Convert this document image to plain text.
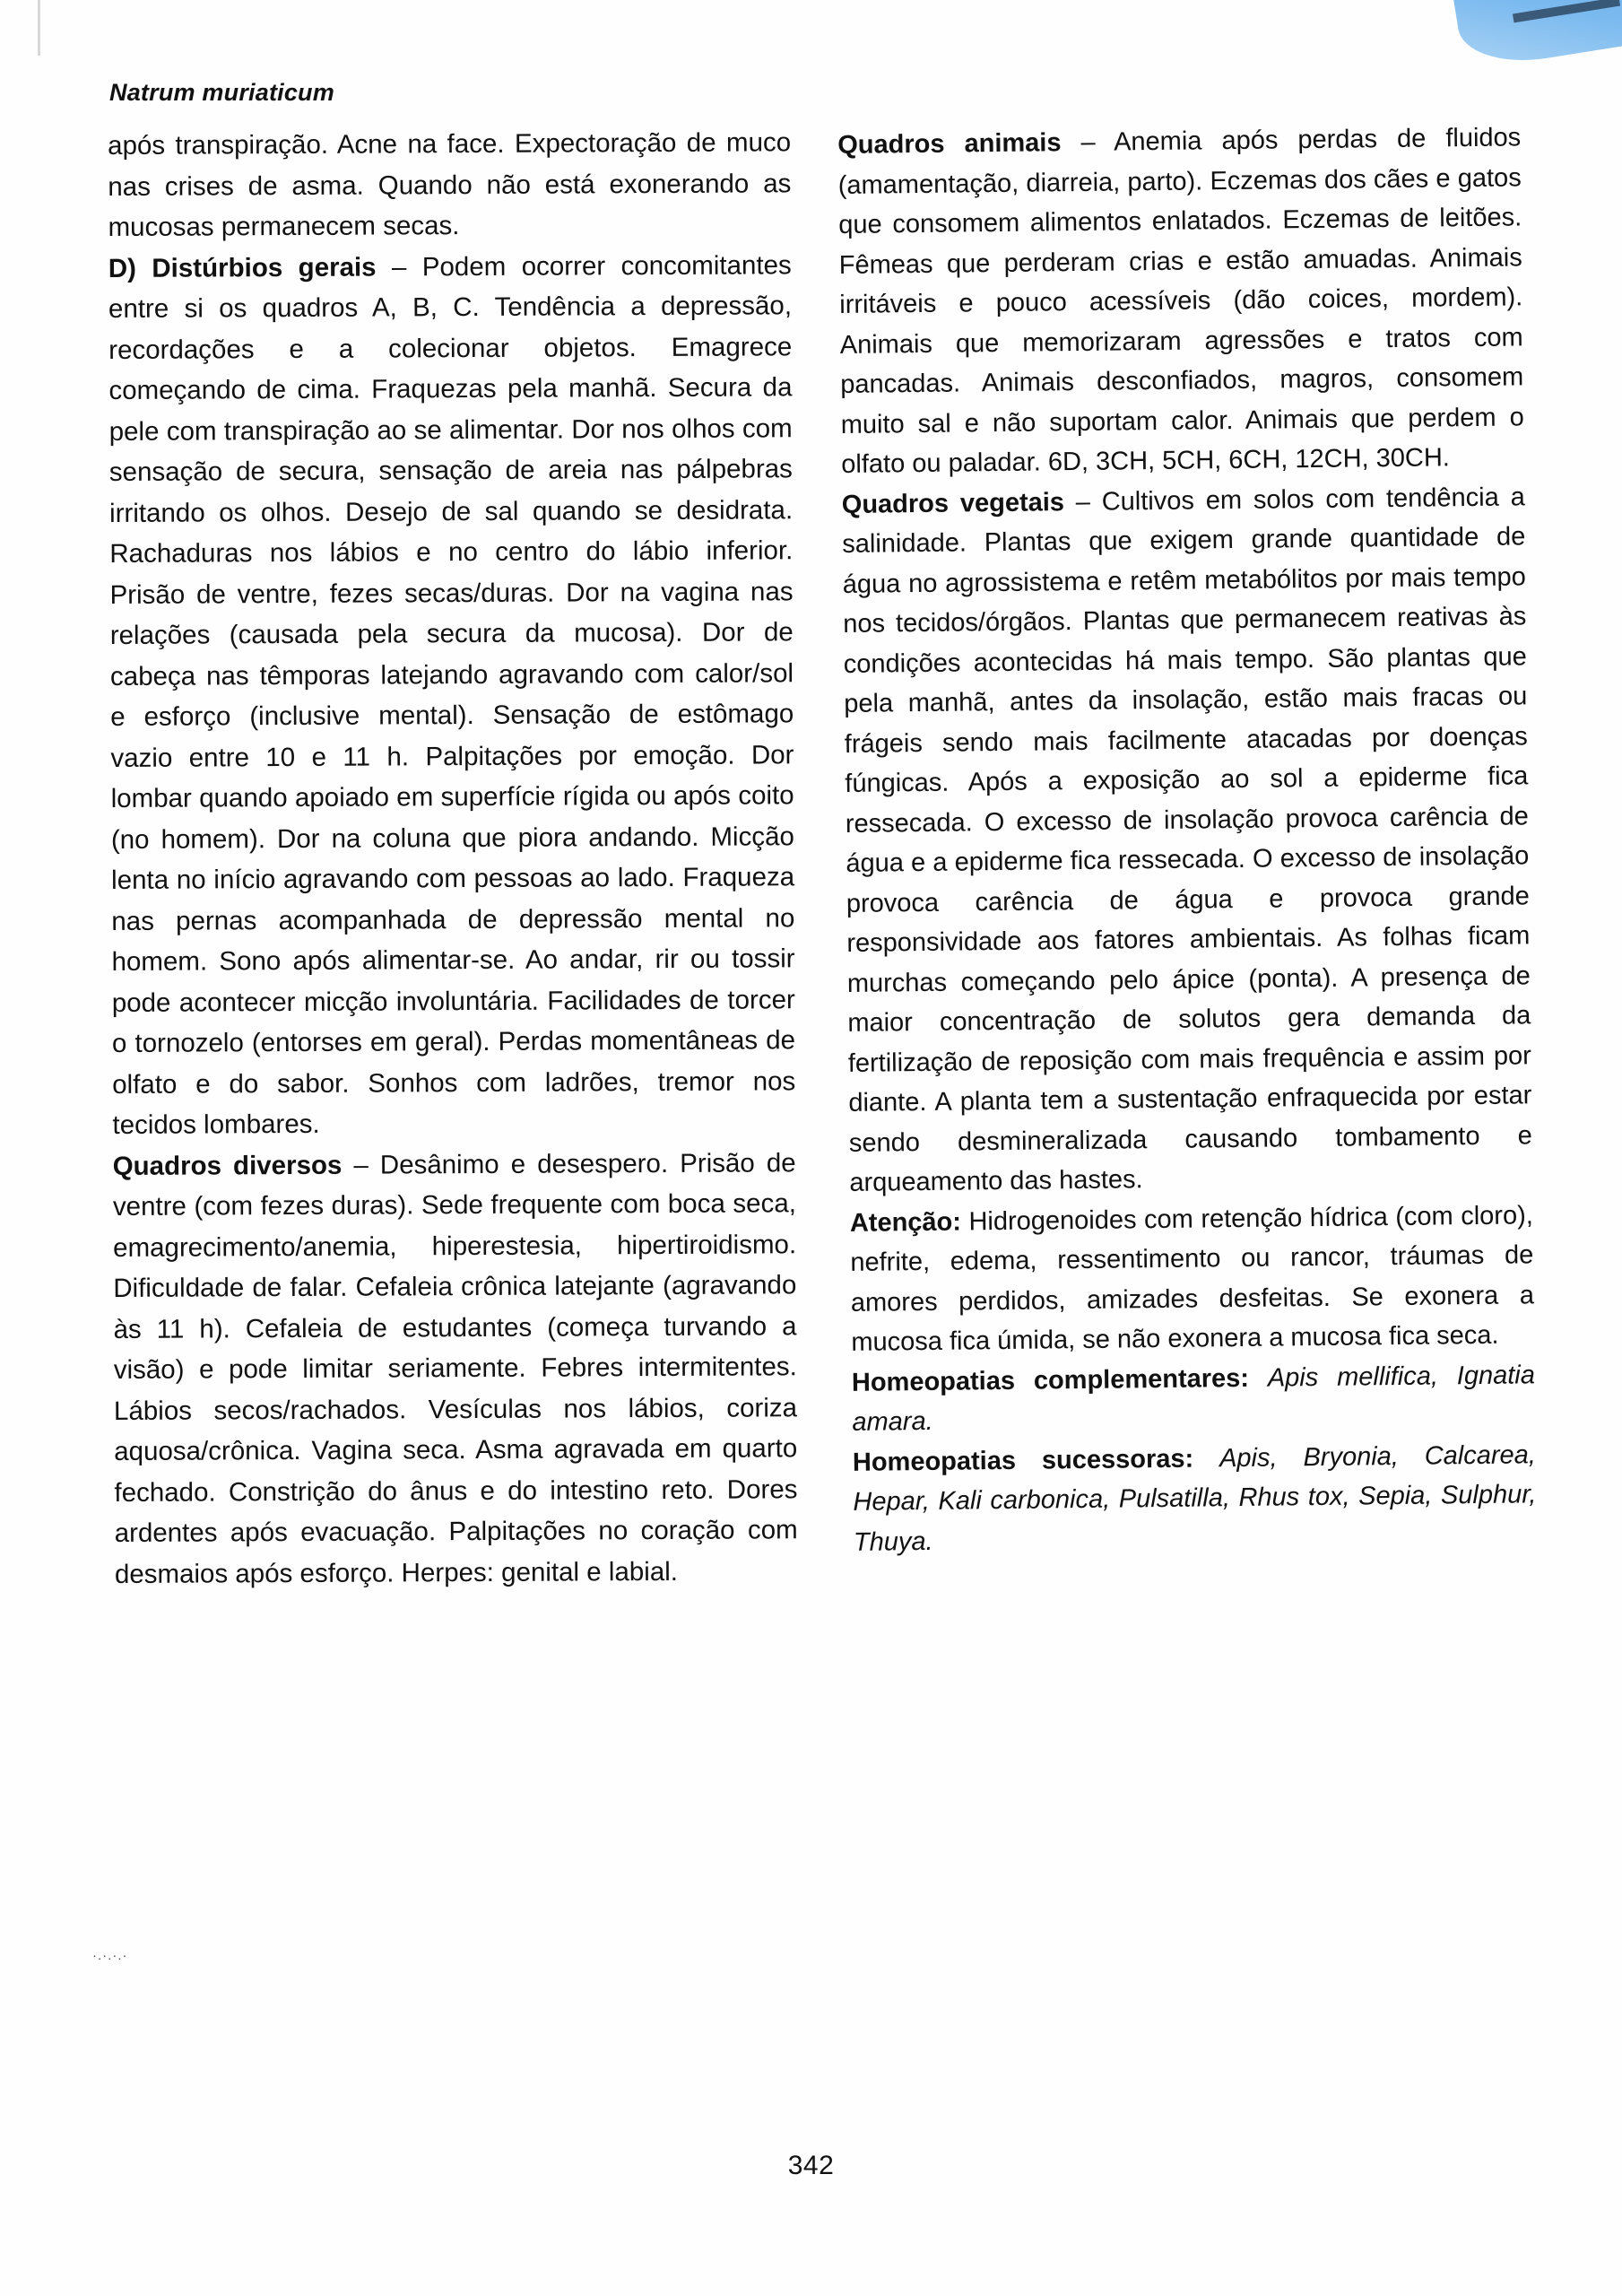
Natrum muriaticum

após transpiração. Acne na face. Expectoração de muco nas crises de asma. Quando não está exonerando as mucosas permanecem secas.

D) Distúrbios gerais – Podem ocorrer concomitantes entre si os quadros A, B, C. Tendência a depressão, recordações e a colecionar objetos. Emagrece começando de cima. Fraquezas pela manhã. Secura da pele com transpiração ao se alimentar. Dor nos olhos com sensação de secura, sensação de areia nas pálpebras irritando os olhos. Desejo de sal quando se desidrata. Rachaduras nos lábios e no centro do lábio inferior. Prisão de ventre, fezes secas/duras. Dor na vagina nas relações (causada pela secura da mucosa). Dor de cabeça nas têmporas latejando agravando com calor/sol e esforço (inclusive mental). Sensação de estômago vazio entre 10 e 11 h. Palpitações por emoção. Dor lombar quando apoiado em superfície rígida ou após coito (no homem). Dor na coluna que piora andando. Micção lenta no início agravando com pessoas ao lado. Fraqueza nas pernas acompanhada de depressão mental no homem. Sono após alimentar-se. Ao andar, rir ou tossir pode acontecer micção involuntária. Facilidades de torcer o tornozelo (entorses em geral). Perdas momentâneas de olfato e do sabor. Sonhos com ladrões, tremor nos tecidos lombares.

Quadros diversos – Desânimo e desespero. Prisão de ventre (com fezes duras). Sede frequente com boca seca, emagrecimento/anemia, hiperestesia, hipertiroidismo. Dificuldade de falar. Cefaleia crônica latejante (agravando às 11 h). Cefaleia de estudantes (começa turvando a visão) e pode limitar seriamente. Febres intermitentes. Lábios secos/rachados. Vesículas nos lábios, coriza aquosa/crônica. Vagina seca. Asma agravada em quarto fechado. Constrição do ânus e do intestino reto. Dores ardentes após evacuação. Palpitações no coração com desmaios após esforço. Herpes: genital e labial.

Quadros animais – Anemia após perdas de fluidos (amamentação, diarreia, parto). Eczemas dos cães e gatos que consomem alimentos enlatados. Eczemas de leitões. Fêmeas que perderam crias e estão amuadas. Animais irritáveis e pouco acessíveis (dão coices, mordem). Animais que memorizaram agressões e tratos com pancadas. Animais desconfiados, magros, consomem muito sal e não suportam calor. Animais que perdem o olfato ou paladar. 6D, 3CH, 5CH, 6CH, 12CH, 30CH.

Quadros vegetais – Cultivos em solos com tendência a salinidade. Plantas que exigem grande quantidade de água no agrossistema e retêm metabólitos por mais tempo nos tecidos/órgãos. Plantas que permanecem reativas às condições acontecidas há mais tempo. São plantas que pela manhã, antes da insolação, estão mais fracas ou frágeis sendo mais facilmente atacadas por doenças fúngicas. Após a exposição ao sol a epiderme fica ressecada. O excesso de insolação provoca carência de água e a epiderme fica ressecada. O excesso de insolação provoca carência de água e provoca grande responsividade aos fatores ambientais. As folhas ficam murchas começando pelo ápice (ponta). A presença de maior concentração de solutos gera demanda da fertilização de reposição com mais frequência e assim por diante. A planta tem a sustentação enfraquecida por estar sendo desmineralizada causando tombamento e arqueamento das hastes.

Atenção: Hidrogenoides com retenção hídrica (com cloro), nefrite, edema, ressentimento ou rancor, tráumas de amores perdidos, amizades desfeitas. Se exonera a mucosa fica úmida, se não exonera a mucosa fica seca.

Homeopatias complementares: Apis mellifica, Ignatia amara.

Homeopatias sucessoras: Apis, Bryonia, Calcarea, Hepar, Kali carbonica, Pulsatilla, Rhus tox, Sepia, Sulphur, Thuya.

·.·.·.·
342
